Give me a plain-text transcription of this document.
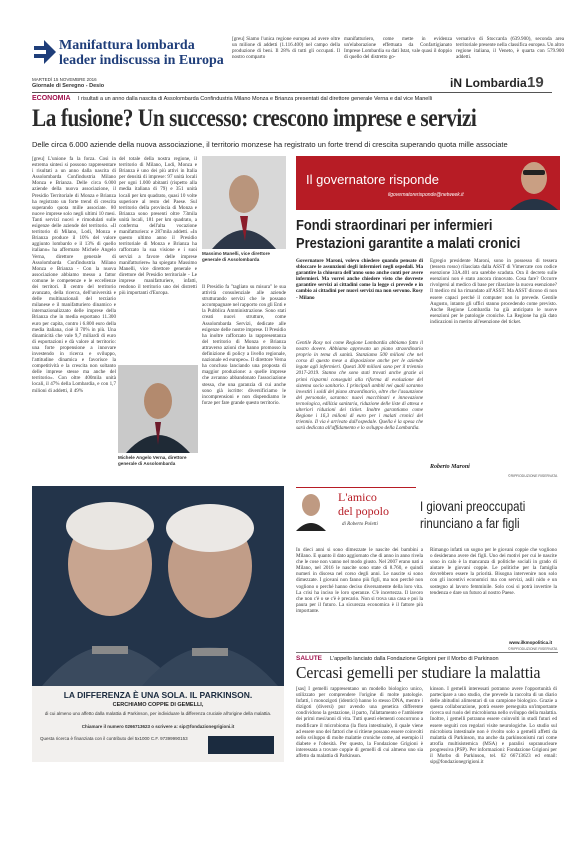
Manifattura lombarda
leader indiscussa in Europa
[greu] Siamo l'unica regione europea ad avere oltre un milione di addetti (1.116.400) nel campo della produzione di beni. Il 28% di tutti gli occupati. Il nostro comparto
manifatturiero, come mette in evidenza un'elaborazione effettuata da Confartigianato Imprese Lombardia su dati Istat, vale quasi il doppio di quello del distretto go-
vernativo di Stoccarda (639.900), seconda area territoriale presente nella classifica europea. Un altro regione italiana, il Veneto, è quarta con 579.900 addetti.
MARTEDÌ 15 NOVEMBRE 2016
Giornale di Seregno - Desio	iN Lombardia 19
ECONOMIA I risultati a un anno dalla nascita di Assolombarda Confindustria Milano Monza e Brianza presentati dal direttore generale Verna e dal vice Manelli
La fusione? Un successo: crescono imprese e servizi
Delle circa 6.000 aziende della nuova associazione, il territorio monzese ha registrato un forte trend di crescita superando quota mille associate
[greu] L'unione fa la forza. Così in estrema sintesi si possono rappresentare i risultati a un anno dalla nascita di Assolombarda Confindustria Milano Monza e Brianza. Delle circa 6.000 aziende della nuova associazione, il Presidio Territoriale di Monza e Brianza ha registrato un forte trend di crescita superando quota mille associate. 80 nuove imprese solo negli ultimi 10 mesi. Tanti servizi nuovi e rimodulati sulle esigenze delle aziende del territorio. «Il territorio di Milano, Lodi, Monza e Brianza produce il 10% del valore aggiunto lombardo e il 13% di quello italiano» ha affermato Michele Angelo Verna, direttore generale di Assolombarda Confindustria Milano Monza e Brianza - Con la nuova associazione abbiamo messo a fattor comune le competenze e le eccellenze dei territori. Il centro del territorio avanzato, della ricerca, dell'università e delle multinazionali del terziario milanese e il manifatturiero dinamico e internazionalizzato delle imprese della Brianza che in media esportano 11.300 euro per capita, contro i 6.800 euro della media italiana, cioè il 70% in più. Una dinamicità che vale 9,7 miliardi di euro di esportazioni e dà valore al territorio: una forte propensione a innovare investendo in ricerca e sviluppo, l'attitudine dinamica e favorisce la competitività e la crescita non soltanto delle imprese stesse ma anche del territorio». Con oltre 400mila unità locali, il 47% della Lombardia, e con 1,7 milioni di addetti, il 49%
del totale della nostra regione, il territorio di Milano, Lodi, Monza e Brianza è uno dei più attivi in Italia per densità di imprese: 97 unità locali per ogni 1.000 abitanti (rispetto alla media italiana di 79) e 351 unità locali per km quadrato, quasi 10 volte superiore al resto del Paese. Sul territorio della provincia di Monza e Brianza sono presenti oltre 73mila unità locali, 181 per km quadrato, a conferma dell'alta vocazione manifatturiera: e 287mila addetti. «In questo ultimo anno il Presidio territoriale di Monza e Brianza ha rafforzato la sua visione e i suoi servizi a favore delle imprese manifatturiere» ha spiegato Massimo Manelli, vice direttore generale e direttore del Presidio territoriale - Le imprese manifatturiere, infatti, rendono il territorio uno dei distretti più importanti d'Europa.
Il Presidio fa "tagliato su misura" le sua attività consulenziale alle aziende strutturando servizi che le possano accompagnare nel rapporto con gli Enti e la Pubblica Amministrazione. Sono stati creati nuovi strutture, come Assolombarda Servizi, dedicate alle esigenze delle nostre imprese. Il Presidio ha inoltre rafforzato la rappresentanza del territorio di Monza e Brianza attraverso azioni che hanno promosso la definizione di policy a livello regionale, nazionale ed europeo». Il direttore Verna ha concluso lanciando una proposta di maggior produzione: a quelle imprese che avranno abbandonato l'associazione stessa, che una garanzia di cui anche sono già iscritte: diversificiamo le incomprensioni e non dispendiamo le forze per fare grande questo territorio.
Massimo Manelli, vice direttore generale di Assolombarda
Michele Angelo Verna, direttore generale di Assolombarda
Il governatore risponde
ilgovernatorerisponde@netweek.it
Fondi straordinari per infermieri
Prestazioni garantite a malati cronici
Governatore Maroni, volevo chiedere quando pensate di sbloccare le assunzioni degli infermieri negli ospedali. Ma garantire la chiusura dell'anno sono anche conti per avere infermieri. Ma vorrei anche chiedere visto che dovreste garantire servizi ai cittadini come la legge ci prevede e in cambio ai cittadini per nuovi servizi ma non servono. Rosy - Milano
Gentile Rosy noi come Regione Lombardia abbiamo fatto il nostro dovere. Abbiamo approvato un piano straordinario proprio in tema di sanità. Stanziamo 500 milioni che nel corso di questo mese a disposizione anche per le aziende legate agli infermieri. Questi 300 milioni sono per il triennio 2017-2019. Stanno che sono stati trovati anche grazie ai primi risparmi conseguiti alla riforma di evoluzione del sistema socio sanitario. I principali ambiti nei quali saranno investiti i soldi del piano straordinario, oltre che l'assunzione del personale, saranno: nuovi macchinari e innovazione tecnologica, edilizia sanitaria, riduzione delle liste di attesa e ulteriori riduzioni dei ticket. Inoltre garantiamo come Regione i 16,3 milioni di euro per i malati cronici del triennio. Il via è arrivato dall'ospedale. Quella è la spesa che sarà dedicata all'affidamento e lo sviluppo della Lombardia.
Egregio presidente Maroni, sono in possesso di tessera (tessera rosso) rilasciata dalla ASST di Vimercate con codice esenzione 33A.401 ora sarebbe scaduta. Ora il decreto sulle esenzioni non è stato ancora rinnovato. Cosa fare? Occorre rivolgersi al medico di base per rilasciare la nuova esenzione? Il medico mi ha rimandato all'ASST. Ma ASST dicono di non essere capaci perché il computer non lo prevede. Gentile Augusto, intanto gli uffici stanno procedendo come previsto. Anche Regione Lombardia ha già anticipato le nuove esenzioni per le patologie croniche. La Regione ha già dato indicazioni in merito all'esenzione del ticket.
Roberto Maroni
©RIPRODUZIONE RISERVATA
LA DIFFERENZA È UNA SOLA. IL PARKINSON.
CERCHIAMO COPPIE DI GEMELLI,
di cui almeno uno affetto dalla malattia di Parkinson, per individuare la differenza cruciale all'origine della malattia.
Chiamare il numero 0266713623 o scrivere a: sip@fondazionegrigioni.it
Questa ricerca è finanziata con il contributo del 5x1000 C.F. 97399990153
L'amico
del popolo
di Roberto Poletti
I giovani preoccupati
rinunciano a far figli
In dieci anni si sono dimezzate le nascite dei bambini a Milano. E quanto il dato aggiornato che di anno in anno rivela che le cose non vanno nel modo giusto. Nel 2007 erano nati a Milano, nel 2016 le nascite sono state di 8.760, e quindi numeri in discesa nel corso degli anni. Le nascite si sono dimezzate. I giovani non fanno più figli, ma non perché non vogliono o perché hanno deciso diversamente della loro vita. La crisi ha inciso le loro speranze. C'è incertezza. Il lavoro che non c'è o se c'è è precario. Non si trova una casa e poi la paura per il futuro. La sicurezza economica è il fattore più importante.
Rimango infatti un sogno per le giovani coppie che vogliono o desiderano avere dei figli. Uno dei motivi per cui le nascite sono in calo è la mancanza di politiche sociali in grado di aiutare le giovani coppie. Le politiche per la famiglia dovrebbero essere la priorità. Bisogna intervenire non solo con gli incentivi economici ma con servizi, asili nido e un sostegno al lavoro femminile. Solo così si potrà invertire la tendenza e dare un futuro al nostro Paese.
www.ilkmopolitica.it
©RIPRODUZIONE RISERVATA
SALUTE L'appello lanciato dalla Fondazione Grigioni per il Morbo di Parkinson
Cercasi gemelli per studiare la malattia
[sas] I gemelli rappresentano un modello biologico unico, utilizzato per comprendere l'origine di molte patologie. Infatti, i monozigoti (identici) hanno lo stesso DNA, mentre i dizigoti (diversi) pur avendo una genetica differente condividono la gestazione, il parto, l'allattamento e l'ambiente dei primi mesi/anni di vita. Tutti questi elementi concorrono a modificare il microbioma (la flora intestinale), il quale viene ad essere uno dei fattori che si ritiene possano essere coinvolti nello sviluppo di molte malattie croniche come, ad esempio il diabete e l'obesità. Per questo, la Fondazione Grigioni è interessata a trovare coppie di gemelli di cui almeno uno sia affetto da malattia di Parkinson.
kinson. I gemelli interessati potranno avere l'opportunità di partecipare a uno studio, che prevede la raccolta di un diario delle abitudini alimentari di un campione biologico. Grazie a questa collaborazione, potrà essere perseguita un'importante ricerca sul ruolo del microbioma nello sviluppo della malattia. Inoltre, i gemelli potranno essere coinvolti in studi futuri ed essere seguiti con regolari visite neurologiche. Lo studio sul microbiota intestinale non è rivolto solo a gemelli affetti da malattia di Parkinson, ma anche da parkinsonismi rari come atrofia multisistemica (MSA) e paralisi sopranucleare progressiva (PSP). Per informazioni: Fondazione Grigioni per il Morbo di Parkinson, tel. 02 66713623 ed email: sip@fondazionegrigioni.it
